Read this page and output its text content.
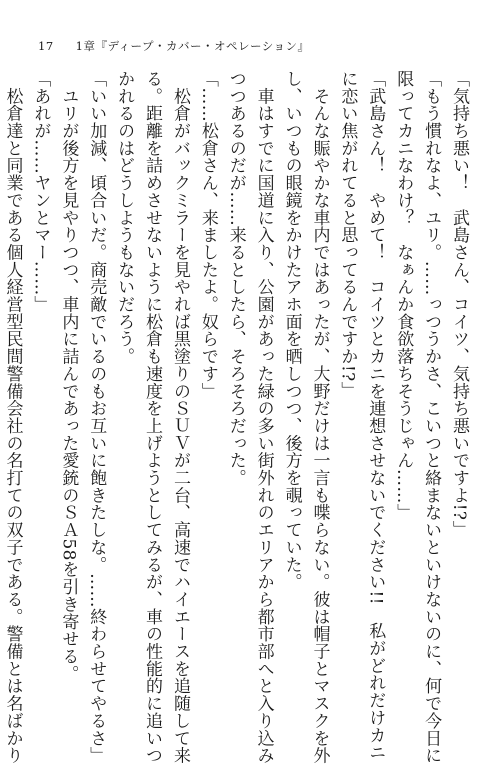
17 1章『ディープ・カバー・オペレーション』
「気持ち悪い！　武島さん、コイツ、気持ち悪いですよ!?」
「もう慣れなよ、ユリ。……っつうかさ、こいつと絡まないといけないのに、何で今日に
限ってカニなわけ？　なぁんか食欲落ちそうじゃん……」
「武島さん！　やめて！　コイツとカニを連想させないでください!!　私がどれだけカニ
に恋い焦がれてると思ってるんですか!?」
　そんな賑やかな車内ではあったが、大野だけは一言も喋らない。彼は帽子とマスクを外
し、いつもの眼鏡をかけたアホ面を晒しつつ、後方を覗っていた。
　車はすでに国道に入り、公園があった緑の多い街外れのエリアから都市部へと入り込み
つつあるのだが……来るとしたら、そろそろだった。
「……松倉さん、来ましたよ。奴らです」
　松倉がバックミラーを見やれば黒塗りのＳＵＶが二台、高速でハイエースを追随して来
る。距離を詰めさせないように松倉も速度を上げようとしてみるが、車の性能的に追いつ
かれるのはどうしようもないだろう。
「いい加減、頃合いだ。商売敵でいるのもお互いに飽きたしな。……終わらせてやるさ」
　ユリが後方を見やりつつ、車内に詰んであった愛銃のＳＡ58を引き寄せる。
「あれが……ヤンとマー……」
　松倉達と同業である個人経営型民間警備会社の名打ての双子である。警備とは名ばかり
